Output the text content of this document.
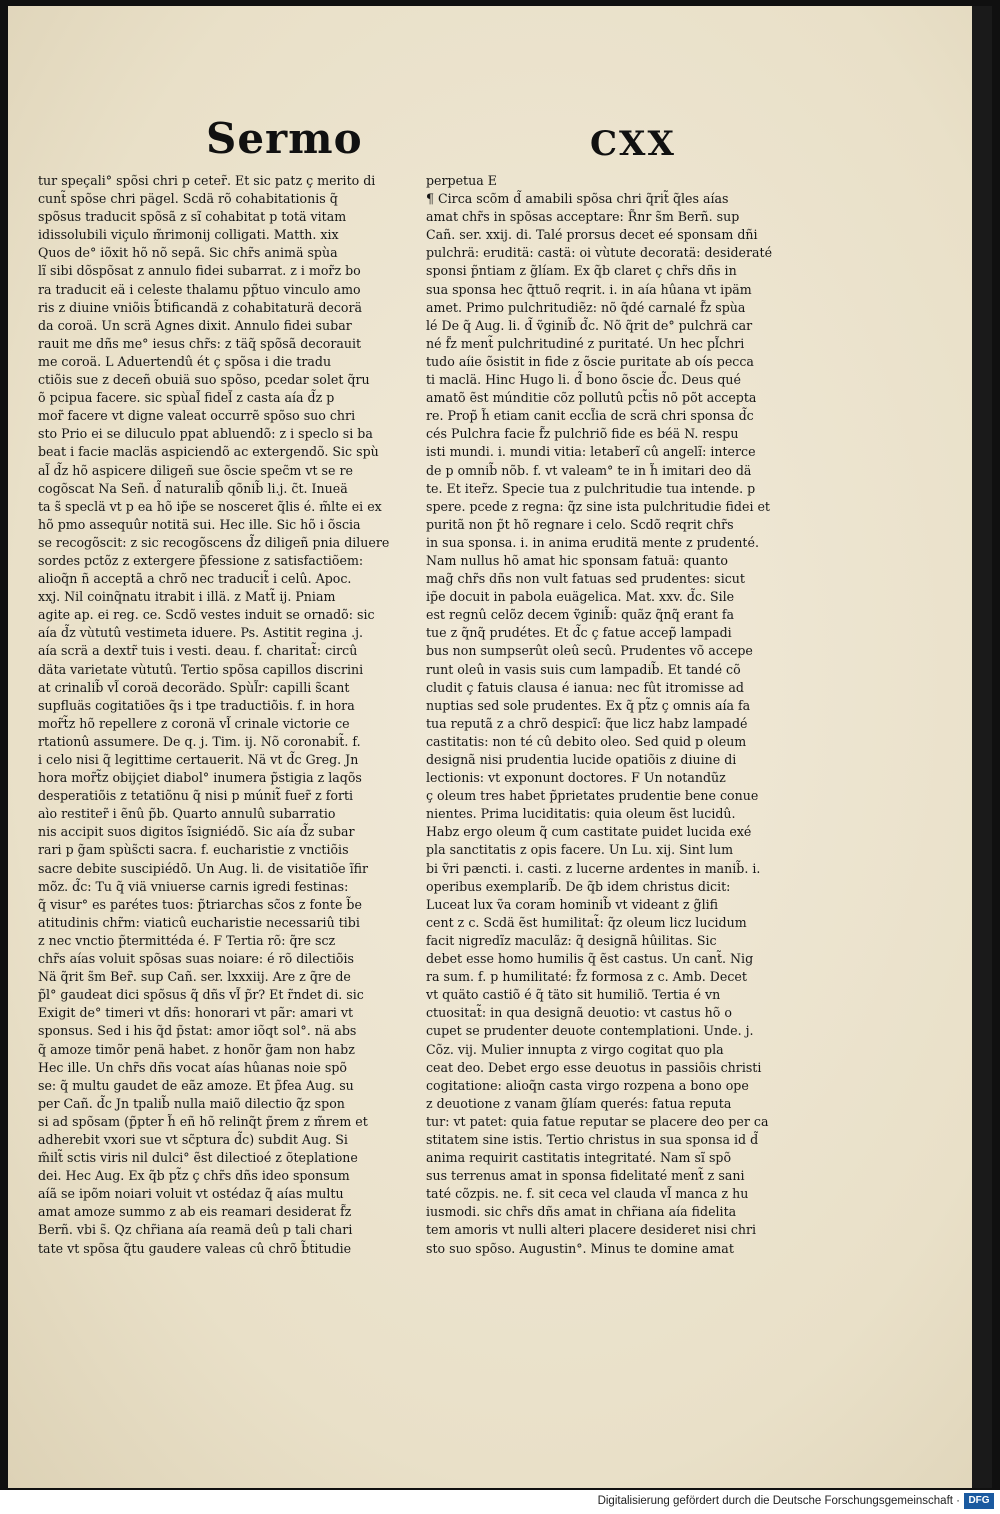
Sermo	CXX
tur speçali° spõsi chri p ceter̃. Et sic patz ç merito di
cunt̃ spõse chri pägel. Scdä rõ cohabitationis q̃
spõsus traducit spõsã z sĩ cohabitat p totä vitam
idissolubili viçulo m̃rimonij colligati. Matth. xix
Quos de° iõxit hõ nõ sepã. Sic chr̃s animä spùa
lĩ sibi dõspõsat z annulo fidei subarrat. z i mor̃z bo
ra traducit eä i celeste thalamu pp̃tuo vinculo amo
ris z diuine vniõis b̃tificandä z cohabitaturä decorä
da coroä. Un scrä Agnes dixit. Annulo fidei subar
rauit me dñs me° iesus chr̃s: z täq̃ spõsã decorauit
me coroä. L Aduertendû ét ç spõsa i die tradu
ctiõis sue z deceñ obuiä suo spõso, pcedar solet q̃ru
õ pcipua facere. sic spùal̃ fidel̃ z casta aía d̃z p
mor̃ facere vt digne valeat occurrẽ spõso suo chri
sto Prio ei se diluculo ppat abluendõ: z i speclo si ba
beat i facie macläs aspiciendõ ac extergendõ. Sic spù
al̃ d̃z hõ aspicere diligeñ sue õscie spec̃m vt se re
cogõscat Na Señ. d̃ naturalib̃ qõnib̃ li.j. c̃t. Inueä
ta s̃ speclä vt p ea hõ ip̃e se nosceret q̃lis é. m̃lte ei ex
hõ pmo assequûr notitä sui. Hec ille. Sic hõ i õscia
se recogõscit: z sic recogõscens d̃z diligeñ pnia diluere
sordes pctõz z extergere p̃fessione z satisfactiõem:
alioq̃n ñ acceptã a chrõ nec traducit̃ i celû. Apoc.
xxj. Nil coinq̃natu itrabit i illä. z Matt̃ ij. Pniam
agite ap. ei reg. ce. Scdõ vestes induit se ornadõ: sic
aía d̃z vùtutû vestimeta iduere. Ps. Astitit regina .j.
aía scrä a dextr̃ tuis i vesti. deau. f. charitat̃: circû
däta varietate vùtutû. Tertio spõsa capillos discrini
at crinalib̃ vl̃ coroä decorädo. Spùl̃r: capilli s̃cant
supfluäs cogitatiões q̃s i tpe traductiõis. f. in hora
mor̃t̃z hõ repellere z coronä vl̃ crinale victorie ce
rtationû assumere. De q. j. Tim. ij. Nõ coronabit̃. f.
i celo nisi q̃ legittime certauerit. Nä vt d̃c Greg. Jn
hora mor̃t̃z obijçiet diabol° inumera p̃stigia z laqõs
desperatiõis z tetatiõnu q̃ nisi p múnit̃ fuer̃ z forti
aìo restiter̃ i ẽnû p̃b. Quarto annulû subarratio
nis accipit suos digitos ĩsigniédõ. Sic aía d̃z subar
rari p g̃am spùs̃cti sacra. f. eucharistie z vnctiõis
sacre debite suscipiédõ. Un Aug. li. de visitatiõe ĩfir
mõz. d̃c: Tu q̃ viä vniuerse carnis igredi festinas:
q̃ visur° es parétes tuos: p̃triarchas sc̃os z fonte b̃e
atitudinis chr̃m: viaticû eucharistie necessariû tibi
z nec vnctio p̃termittéda é. F Tertia rõ: q̃re scz
chr̃s aías voluit spõsas suas noiare: é rõ dilectiõis
Nä q̃rit s̃m Ber̃. sup Cañ. ser. lxxxiij. Are z q̃re de
p̃l° gaudeat dici spõsus q̃ dñs vl̃ p̃r? Et r̃ndet di. sic
Exigit de° timeri vt dñs: honorari vt pãr: amari vt
sponsus. Sed i his q̃d p̃stat: amor iõqt sol°. nä abs
q̃ amoze timõr penä habet. z honõr g̃am non habz
Hec ille. Un chr̃s dñs vocat aías hûanas noie spõ
se: q̃ multu gaudet de eãz amoze. Et p̃fea Aug. su
per Cañ. d̃c Jn tpalib̃ nulla maiõ dilectio q̃z spon
si ad spõsam (p̃pter h̃ eñ hõ relinq̃t p̃rem z m̃rem et
adherebit vxori sue vt sc̃ptura d̃c) subdit Aug. Si
m̃ilt̃ sctis viris nil dulci° ẽst dilectioé z õteplatione
dei. Hec Aug. Ex q̃b pt̃z ç chr̃s dñs ideo sponsum
aíã se ipõm noiari voluit vt ostédaz q̃ aías multu
amat amoze summo z ab eis reamari desiderat f̃z
Berñ. vbi s̃. Qz chr̃iana aía reamä deû p tali chari
tate vt spõsa q̃tu gaudere valeas cû chrõ b̃titudie
perpetua E
¶ Circa scõm d̃ amabili spõsa chri q̃rit̃ q̃les aías
amat chr̃s in spõsas acceptare: R̃nr s̃m Berñ. sup
Cañ. ser. xxij. di. Talé prorsus decet eé sponsam dñi
pulchrä: eruditä: castä: oi vùtute decoratä: desideraté
sponsi p̃ntiam z g̃líam. Ex q̃b claret ç chr̃s dñs in
sua sponsa hec q̃ttuõ reqrit. i. in aía hûana vt ipäm
amet. Primo pulchritudiẽz: nõ q̃dé carnalé f̃z spùa
lé De q̃ Aug. li. d̃ ṽginib̃ d̃c. Nõ q̃rit de° pulchrä car
né f̃z ment̃ pulchritudiné z puritaté. Un hec pl̃chri
tudo aíie õsistit in fide z õscie puritate ab oís pecca
ti maclä. Hinc Hugo li. d̃ bono õscie d̃c. Deus qué
amatõ ẽst múnditie cõz pollutû pct̃is nõ põt accepta
re. Prop̃ h̃ etiam canit eccl̃ia de scrä chri sponsa d̃c
cés Pulchra facie f̃z pulchriõ fide es béä N. respu
isti mundi. i. mundi vitia: letaberĩ cû angelĩ: interce
de p omnib̃ nõb. f. vt valeam° te in h̃ imitari deo dä
te. Et iter̃z. Specie tua z pulchritudie tua intende. p
spere. pcede z regna: q̃z sine ista pulchritudie fidei et
puritã non p̃t hõ regnare i celo. Scdõ reqrit chr̃s
in sua sponsa. i. in anima eruditä mente z prudenté.
Nam nullus hõ amat hic sponsam fatuä: quanto
mag̃ chr̃s dñs non vult fatuas sed prudentes: sicut
ip̃e docuit in pabola euägelica. Mat. xxv. d̃c. Sile
est regnû celõz decem ṽginib̃: quãz q̃nq̃ erant fa
tue z q̃nq̃ prudétes. Et d̃c ç fatue accep̃ lampadi
bus non sumpserût oleû secû. Prudentes võ accepe
runt oleû in vasis suis cum lampadib̃. Et tandé cõ
cludit ç fatuis clausa é ianua: nec fût itromisse ad
nuptias sed sole prudentes. Ex q̃ pt̃z ç omnis aía fa
tua reputã z a chrõ despicĩ: q̃ue licz habz lampadé
castitatis: non té cû debito oleo. Sed quid p oleum
designã nisi prudentia lucide opatiõis z diuine di
lectionis: vt exponunt doctores. F Un notandũz
ç oleum tres habet p̃prietates prudentie bene conue
nientes. Prima luciditatis: quia oleum ẽst lucidû.
Habz ergo oleum q̃ cum castitate puidet lucida exé
pla sanctitatis z opis facere. Un Lu. xij. Sint lum
bi ṽri pæncti. i. casti. z lucerne ardentes in manib̃. i.
operibus exemplarib̃. De q̃b idem christus dicit:
Luceat lux ṽa coram hominib̃ vt videant z g̃lifi
cent z c. Scdä ẽst humilitat̃: q̃z oleum licz lucidum
facit nigredĩz maculãz: q̃ designã hûilitas. Sic
debet esse homo humilis q̃ ẽst castus. Un cant̃. Nig
ra sum. f. p humilitaté: f̃z formosa z c. Amb. Decet
vt quäto castiõ é q̃ täto sit humiliõ. Tertia é vn
ctuositat̃: in qua designã deuotio: vt castus hõ o
cupet se prudenter deuote contemplationi. Unde. j.
Cõz. vij. Mulier innupta z virgo cogitat quo pla
ceat deo. Debet ergo esse deuotus in passiõis christi
cogitatione: alioq̃n casta virgo rozpena a bono ope
z deuotione z vanam g̃líam querés: fatua reputa
tur: vt patet: quia fatue reputar se placere deo per ca
stitatem sine istis. Tertio christus in sua sponsa id d̃
anima requirit castitatis integritaté. Nam sĩ spõ
sus terrenus amat in sponsa fidelitaté ment̃ z sani
taté cõzpis. ne. f. sit ceca vel clauda vl̃ manca z hu
iusmodi. sic chr̃s dñs amat in chr̃iana aía fidelita
tem amoris vt nulli alteri placere desideret nisi chri
sto suo spõso. Augustin°. Minus te domine amat
Digitalisierung gefördert durch die Deutsche Forschungsgemeinschaft · DFG
